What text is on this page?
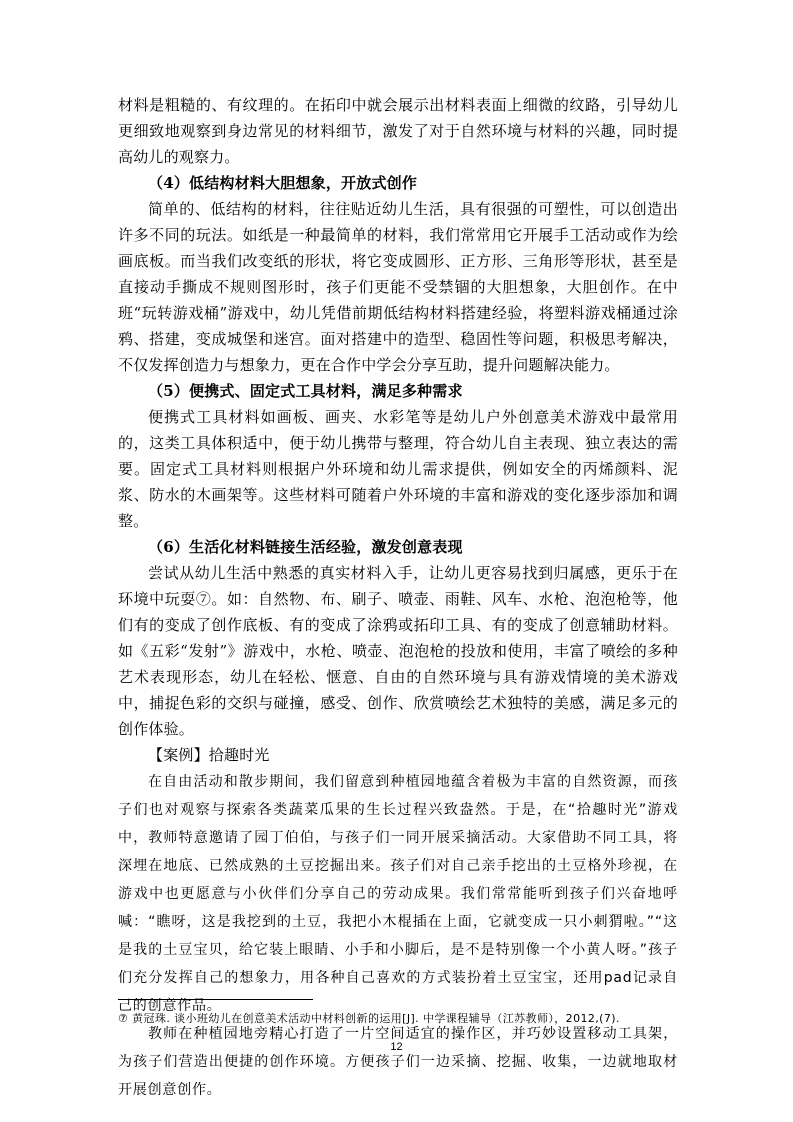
材料是粗糙的、有纹理的。在拓印中就会展示出材料表面上细微的纹路，引导幼儿更细致地观察到身边常见的材料细节，激发了对于自然环境与材料的兴趣，同时提高幼儿的观察力。

（4）低结构材料大胆想象，开放式创作

简单的、低结构的材料，往往贴近幼儿生活，具有很强的可塑性，可以创造出许多不同的玩法。如纸是一种最简单的材料，我们常常用它开展手工活动或作为绘画底板。而当我们改变纸的形状，将它变成圆形、正方形、三角形等形状，甚至是直接动手撕成不规则图形时，孩子们更能不受禁锢的大胆想象，大胆创作。在中班“玩转游戏桶”游戏中，幼儿凭借前期低结构材料搭建经验，将塑料游戏桶通过涂鸦、搭建，变成城堡和迷宫。面对搭建中的造型、稳固性等问题，积极思考解决，不仅发挥创造力与想象力，更在合作中学会分享互助，提升问题解决能力。

（5）便携式、固定式工具材料，满足多种需求

便携式工具材料如画板、画夹、水彩笔等是幼儿户外创意美术游戏中最常用的，这类工具体积适中，便于幼儿携带与整理，符合幼儿自主表现、独立表达的需要。固定式工具材料则根据户外环境和幼儿需求提供，例如安全的丙烯颜料、泥浆、防水的木画架等。这些材料可随着户外环境的丰富和游戏的变化逐步添加和调整。

（6）生活化材料链接生活经验，激发创意表现

尝试从幼儿生活中熟悉的真实材料入手，让幼儿更容易找到归属感，更乐于在环境中玩耍⑦。如：自然物、布、刷子、喷壶、雨鞋、风车、水枪、泡泡枪等，他们有的变成了创作底板、有的变成了涂鸦或拓印工具、有的变成了创意辅助材料。如《五彩“发射”》游戏中，水枪、喷壶、泡泡枪的投放和使用，丰富了喷绘的多种艺术表现形态，幼儿在轻松、惬意、自由的自然环境与具有游戏情境的美术游戏中，捕捉色彩的交织与碰撞，感受、创作、欣赏喷绘艺术独特的美感，满足多元的创作体验。

【案例】拾趣时光

在自由活动和散步期间，我们留意到种植园地蕴含着极为丰富的自然资源，而孩子们也对观察与探索各类蔬菜瓜果的生长过程兴致盎然。于是，在“拾趣时光”游戏中，教师特意邀请了园丁伯伯，与孩子们一同开展采摘活动。大家借助不同工具，将深埋在地底、已然成熟的土豆挖掘出来。孩子们对自己亲手挖出的土豆格外珍视，在游戏中也更愿意与小伙伴们分享自己的劳动成果。我们常常能听到孩子们兴奋地呼喊：“瞧呀，这是我挖到的土豆，我把小木棍插在上面，它就变成一只小刺猬啦。”“这是我的土豆宝贝，给它装上眼睛、小手和小脚后，是不是特别像一个小黄人呀。”孩子们充分发挥自己的想象力，用各种自己喜欢的方式装扮着土豆宝宝，还用pad记录自己的创意作品。

教师在种植园地旁精心打造了一片空间适宜的操作区，并巧妙设置移动工具架，为孩子们营造出便捷的创作环境。方便孩子们一边采摘、挖掘、收集，一边就地取材开展创意创作。

⑦ 黄冠珠. 谈小班幼儿在创意美术活动中材料创新的运用[J]. 中学课程辅导（江苏教师），2012,(7).
12
